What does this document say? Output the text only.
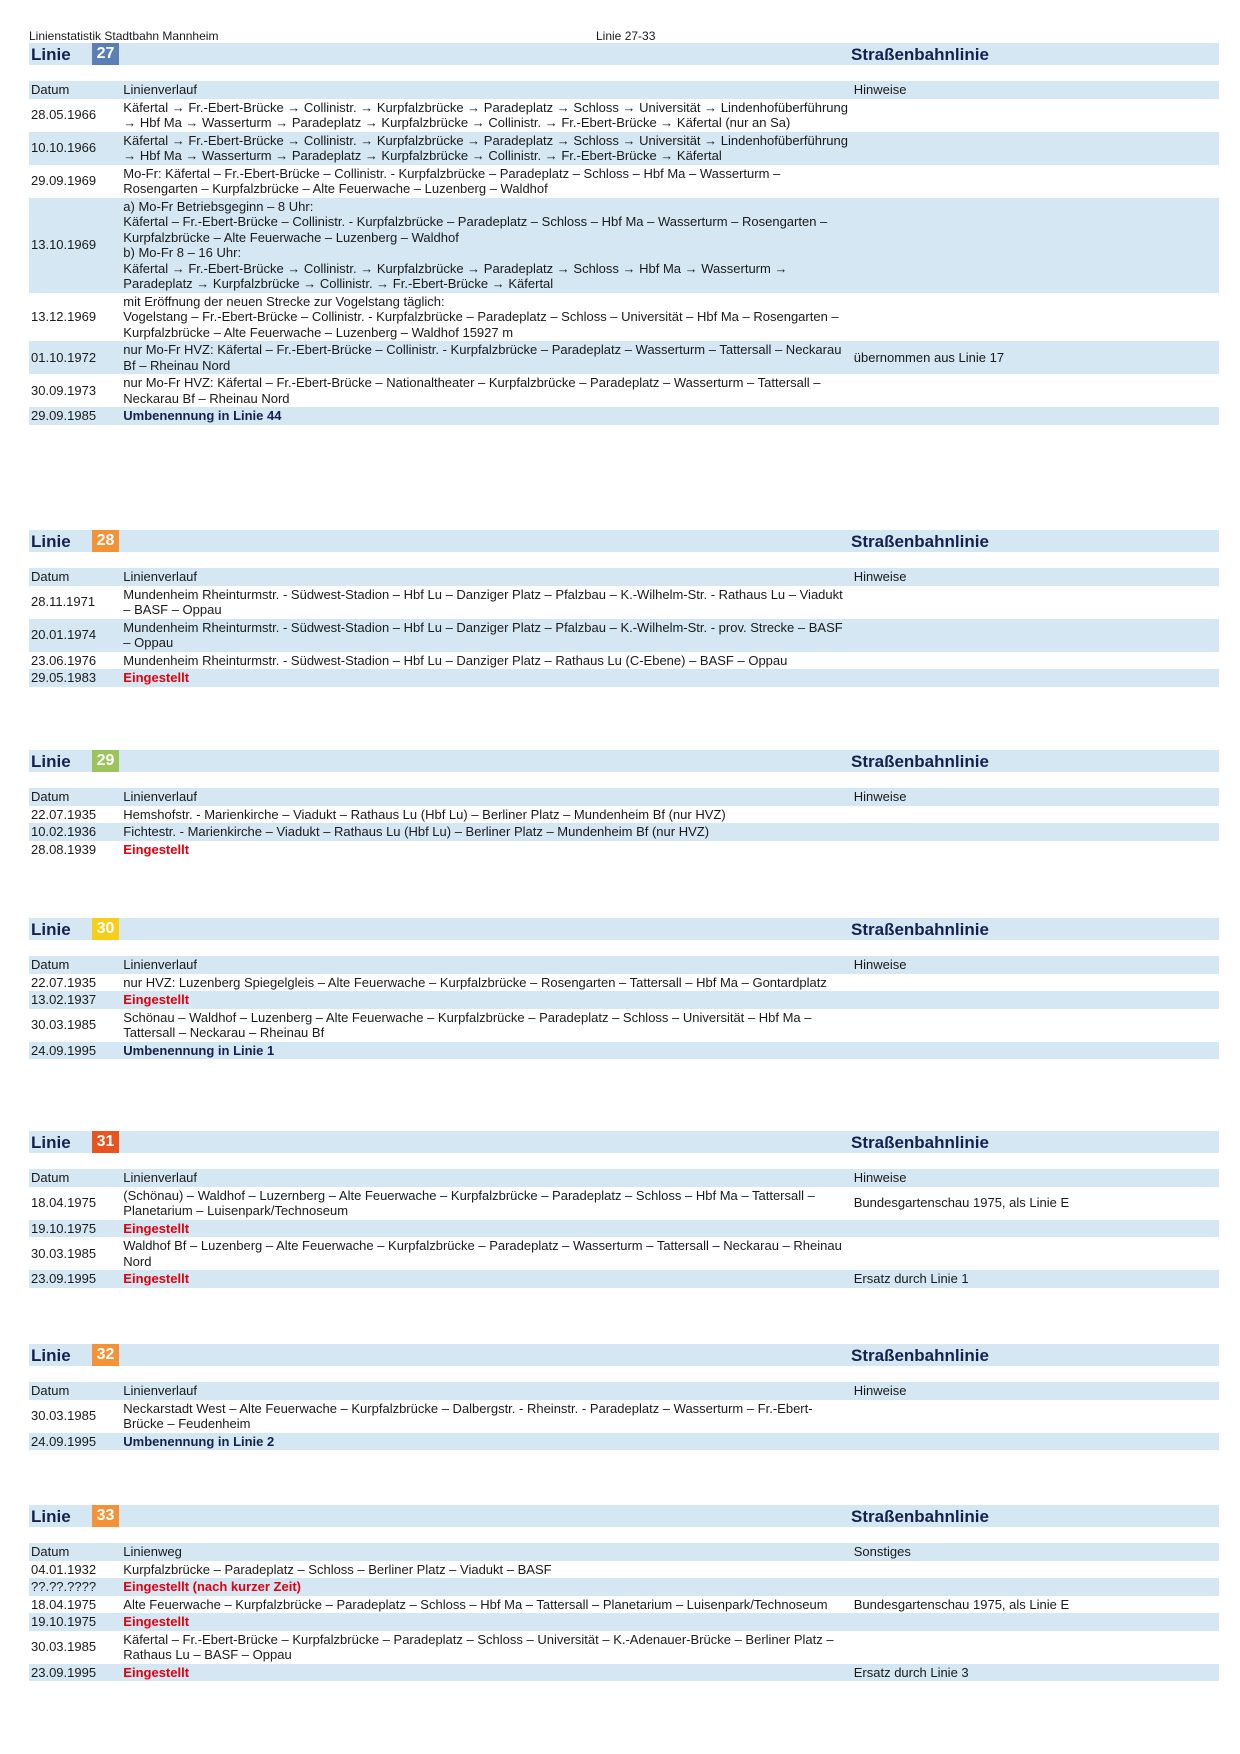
Linienstatistik Stadtbahn Mannheim	Linie 27-33
Linie 27	Straßenbahnlinie
Datum	Linienverlauf	Hinweise
28.05.1966	Käfertal → Fr.-Ebert-Brücke → Collinistr. → Kurpfalzbrücke → Paradeplatz → Schloss → Universität → Lindenhofüberführung → Hbf Ma → Wasserturm → Paradeplatz → Kurpfalzbrücke → Collinistr. → Fr.-Ebert-Brücke → Käfertal (nur an Sa)	
10.10.1966	Käfertal → Fr.-Ebert-Brücke → Collinistr. → Kurpfalzbrücke → Paradeplatz → Schloss → Universität → Lindenhofüberführung → Hbf Ma → Wasserturm → Paradeplatz → Kurpfalzbrücke → Collinistr. → Fr.-Ebert-Brücke → Käfertal	
29.09.1969	Mo-Fr: Käfertal – Fr.-Ebert-Brücke – Collinistr. - Kurpfalzbrücke – Paradeplatz – Schloss – Hbf Ma – Wasserturm – Rosengarten – Kurpfalzbrücke – Alte Feuerwache – Luzenberg – Waldhof	
13.10.1969	a) Mo-Fr Betriebsgeginn – 8 Uhr:
Käfertal – Fr.-Ebert-Brücke – Collinistr. - Kurpfalzbrücke – Paradeplatz – Schloss – Hbf Ma – Wasserturm – Rosengarten – Kurpfalzbrücke – Alte Feuerwache – Luzenberg – Waldhof
b) Mo-Fr 8 – 16 Uhr:
Käfertal → Fr.-Ebert-Brücke → Collinistr. → Kurpfalzbrücke → Paradeplatz → Schloss → Hbf Ma → Wasserturm → Paradeplatz → Kurpfalzbrücke → Collinistr. → Fr.-Ebert-Brücke → Käfertal	
13.12.1969	mit Eröffnung der neuen Strecke zur Vogelstang täglich:
Vogelstang – Fr.-Ebert-Brücke – Collinistr. - Kurpfalzbrücke – Paradeplatz – Schloss – Universität – Hbf Ma – Rosengarten – Kurpfalzbrücke – Alte Feuerwache – Luzenberg – Waldhof 15927 m	
01.10.1972	nur Mo-Fr HVZ: Käfertal – Fr.-Ebert-Brücke – Collinistr. - Kurpfalzbrücke – Paradeplatz – Wasserturm – Tattersall – Neckarau Bf – Rheinau Nord	übernommen aus Linie 17
30.09.1973	nur Mo-Fr HVZ: Käfertal – Fr.-Ebert-Brücke – Nationaltheater – Kurpfalzbrücke – Paradeplatz – Wasserturm – Tattersall – Neckarau Bf – Rheinau Nord	
29.09.1985	Umbenennung in Linie 44	
Linie 28	Straßenbahnlinie
Datum	Linienverlauf	Hinweise
28.11.1971	Mundenheim Rheinturmstr. - Südwest-Stadion – Hbf Lu – Danziger Platz – Pfalzbau – K.-Wilhelm-Str. - Rathaus Lu – Viadukt – BASF – Oppau	
20.01.1974	Mundenheim Rheinturmstr. - Südwest-Stadion – Hbf Lu – Danziger Platz – Pfalzbau – K.-Wilhelm-Str. - prov. Strecke – BASF – Oppau	
23.06.1976	Mundenheim Rheinturmstr. - Südwest-Stadion – Hbf Lu – Danziger Platz – Rathaus Lu (C-Ebene) – BASF – Oppau	
29.05.1983	Eingestellt	
Linie 29	Straßenbahnlinie
Datum	Linienverlauf	Hinweise
22.07.1935	Hemshofstr. - Marienkirche – Viadukt – Rathaus Lu (Hbf Lu) – Berliner Platz – Mundenheim Bf (nur HVZ)	
10.02.1936	Fichtestr. - Marienkirche – Viadukt – Rathaus Lu (Hbf Lu) – Berliner Platz – Mundenheim Bf (nur HVZ)	
28.08.1939	Eingestellt	
Linie 30	Straßenbahnlinie
Datum	Linienverlauf	Hinweise
22.07.1935	nur HVZ: Luzenberg Spiegelgleis – Alte Feuerwache – Kurpfalzbrücke – Rosengarten – Tattersall – Hbf Ma – Gontardplatz	
13.02.1937	Eingestellt	
30.03.1985	Schönau – Waldhof – Luzenberg – Alte Feuerwache – Kurpfalzbrücke – Paradeplatz – Schloss – Universität – Hbf Ma – Tattersall – Neckarau – Rheinau Bf	
24.09.1995	Umbenennung in Linie 1	
Linie 31	Straßenbahnlinie
Datum	Linienverlauf	Hinweise
18.04.1975	(Schönau) – Waldhof – Luzernberg – Alte Feuerwache – Kurpfalzbrücke – Paradeplatz – Schloss – Hbf Ma – Tattersall – Planetarium – Luisenpark/Technoseum	Bundesgartenschau 1975, als Linie E
19.10.1975	Eingestellt	
30.03.1985	Waldhof Bf – Luzenberg – Alte Feuerwache – Kurpfalzbrücke – Paradeplatz – Wasserturm – Tattersall – Neckarau – Rheinau Nord	
23.09.1995	Eingestellt	Ersatz durch Linie 1
Linie 32	Straßenbahnlinie
Datum	Linienverlauf	Hinweise
30.03.1985	Neckarstadt West – Alte Feuerwache – Kurpfalzbrücke – Dalbergstr. - Rheinstr. - Paradeplatz – Wasserturm – Fr.-Ebert-Brücke – Feudenheim	
24.09.1995	Umbenennung in Linie 2	
Linie 33	Straßenbahnlinie
Datum	Linienweg	Sonstiges
04.01.1932	Kurpfalzbrücke – Paradeplatz – Schloss – Berliner Platz – Viadukt – BASF	
??.??.????	Eingestellt (nach kurzer Zeit)	
18.04.1975	Alte Feuerwache – Kurpfalzbrücke – Paradeplatz – Schloss – Hbf Ma – Tattersall – Planetarium – Luisenpark/Technoseum	Bundesgartenschau 1975, als Linie E
19.10.1975	Eingestellt	
30.03.1985	Käfertal – Fr.-Ebert-Brücke – Kurpfalzbrücke – Paradeplatz – Schloss – Universität – K.-Adenauer-Brücke – Berliner Platz – Rathaus Lu – BASF – Oppau	
23.09.1995	Eingestellt	Ersatz durch Linie 3
